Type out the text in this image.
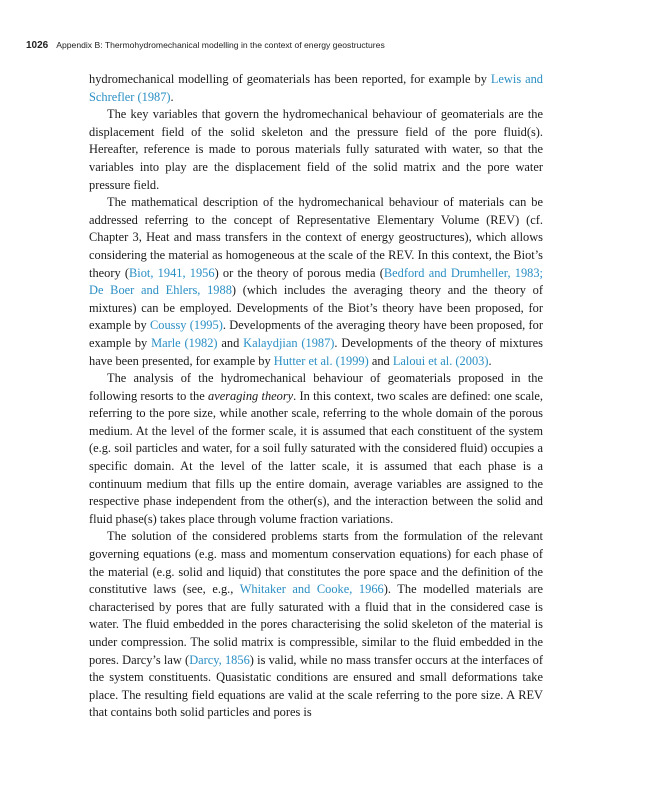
1026 Appendix B: Thermohydromechanical modelling in the context of energy geostructures

hydromechanical modelling of geomaterials has been reported, for example by Lewis and Schrefler (1987).

The key variables that govern the hydromechanical behaviour of geomaterials are the displacement field of the solid skeleton and the pressure field of the pore fluid(s). Hereafter, reference is made to porous materials fully saturated with water, so that the variables into play are the displacement field of the solid matrix and the pore water pressure field.

The mathematical description of the hydromechanical behaviour of materials can be addressed referring to the concept of Representative Elementary Volume (REV) (cf. Chapter 3, Heat and mass transfers in the context of energy geostructures), which allows considering the material as homogeneous at the scale of the REV. In this context, the Biot’s theory (Biot, 1941, 1956) or the theory of porous media (Bedford and Drumheller, 1983; De Boer and Ehlers, 1988) (which includes the averaging theory and the theory of mixtures) can be employed. Developments of the Biot’s theory have been proposed, for example by Coussy (1995). Developments of the averaging theory have been proposed, for example by Marle (1982) and Kalaydjian (1987). Developments of the theory of mixtures have been presented, for example by Hutter et al. (1999) and Laloui et al. (2003).

The analysis of the hydromechanical behaviour of geomaterials proposed in the following resorts to the averaging theory. In this context, two scales are defined: one scale, referring to the pore size, while another scale, referring to the whole domain of the porous medium. At the level of the former scale, it is assumed that each constituent of the system (e.g. soil particles and water, for a soil fully saturated with the considered fluid) occupies a specific domain. At the level of the latter scale, it is assumed that each phase is a continuum medium that fills up the entire domain, average variables are assigned to the respective phase independent from the other(s), and the interaction between the solid and fluid phase(s) takes place through volume fraction variations.

The solution of the considered problems starts from the formulation of the relevant governing equations (e.g. mass and momentum conservation equations) for each phase of the material (e.g. solid and liquid) that constitutes the pore space and the definition of the constitutive laws (see, e.g., Whitaker and Cooke, 1966). The modelled materials are characterised by pores that are fully saturated with a fluid that in the considered case is water. The fluid embedded in the pores characterising the solid skeleton of the material is under compression. The solid matrix is compressible, similar to the fluid embedded in the pores. Darcy’s law (Darcy, 1856) is valid, while no mass transfer occurs at the interfaces of the system constituents. Quasistatic conditions are ensured and small deformations take place. The resulting field equations are valid at the scale referring to the pore size. A REV that contains both solid particles and pores is
